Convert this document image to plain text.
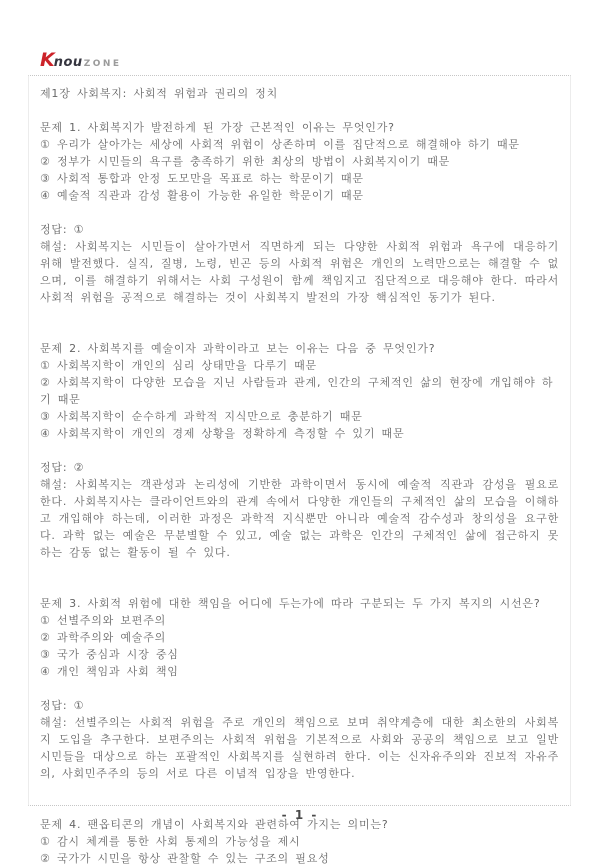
KnouZONE

제1장 사회복지: 사회적 위험과 권리의 정치

문제 1. 사회복지가 발전하게 된 가장 근본적인 이유는 무엇인가?

① 우리가 살아가는 세상에 사회적 위험이 상존하며 이를 집단적으로 해결해야 하기 때문

② 정부가 시민들의 욕구를 충족하기 위한 최상의 방법이 사회복지이기 때문

③ 사회적 통합과 안정 도모만을 목표로 하는 학문이기 때문

④ 예술적 직관과 감성 활용이 가능한 유일한 학문이기 때문

정답: ①

해설: 사회복지는 시민들이 살아가면서 직면하게 되는 다양한 사회적 위험과 욕구에 대응하기 위해 발전했다. 실직, 질병, 노령, 빈곤 등의 사회적 위험은 개인의 노력만으로는 해결할 수 없으며, 이를 해결하기 위해서는 사회 구성원이 함께 책임지고 집단적으로 대응해야 한다. 따라서 사회적 위험을 공적으로 해결하는 것이 사회복지 발전의 가장 핵심적인 동기가 된다.

문제 2. 사회복지를 예술이자 과학이라고 보는 이유는 다음 중 무엇인가?

① 사회복지학이 개인의 심리 상태만을 다루기 때문

② 사회복지학이 다양한 모습을 지닌 사람들과 관계, 인간의 구체적인 삶의 현장에 개입해야 하기 때문

③ 사회복지학이 순수하게 과학적 지식만으로 충분하기 때문

④ 사회복지학이 개인의 경제 상황을 정확하게 측정할 수 있기 때문

정답: ②

해설: 사회복지는 객관성과 논리성에 기반한 과학이면서 동시에 예술적 직관과 감성을 필요로 한다. 사회복지사는 클라이언트와의 관계 속에서 다양한 개인들의 구체적인 삶의 모습을 이해하고 개입해야 하는데, 이러한 과정은 과학적 지식뿐만 아니라 예술적 감수성과 창의성을 요구한다. 과학 없는 예술은 무분별할 수 있고, 예술 없는 과학은 인간의 구체적인 삶에 접근하지 못하는 감동 없는 활동이 될 수 있다.

문제 3. 사회적 위험에 대한 책임을 어디에 두는가에 따라 구분되는 두 가지 복지의 시선은?

① 선별주의와 보편주의

② 과학주의와 예술주의

③ 국가 중심과 시장 중심

④ 개인 책임과 사회 책임

정답: ①

해설: 선별주의는 사회적 위험을 주로 개인의 책임으로 보며 취약계층에 대한 최소한의 사회복지 도입을 추구한다. 보편주의는 사회적 위험을 기본적으로 사회와 공공의 책임으로 보고 일반 시민들을 대상으로 하는 포괄적인 사회복지를 실현하려 한다. 이는 신자유주의와 진보적 자유주의, 사회민주주의 등의 서로 다른 이념적 입장을 반영한다.

문제 4. 팬옵티콘의 개념이 사회복지와 관련하여 가지는 의미는?

① 감시 체계를 통한 사회 통제의 가능성을 제시

② 국가가 시민을 항상 관찰할 수 있는 구조의 필요성

- 1 -
